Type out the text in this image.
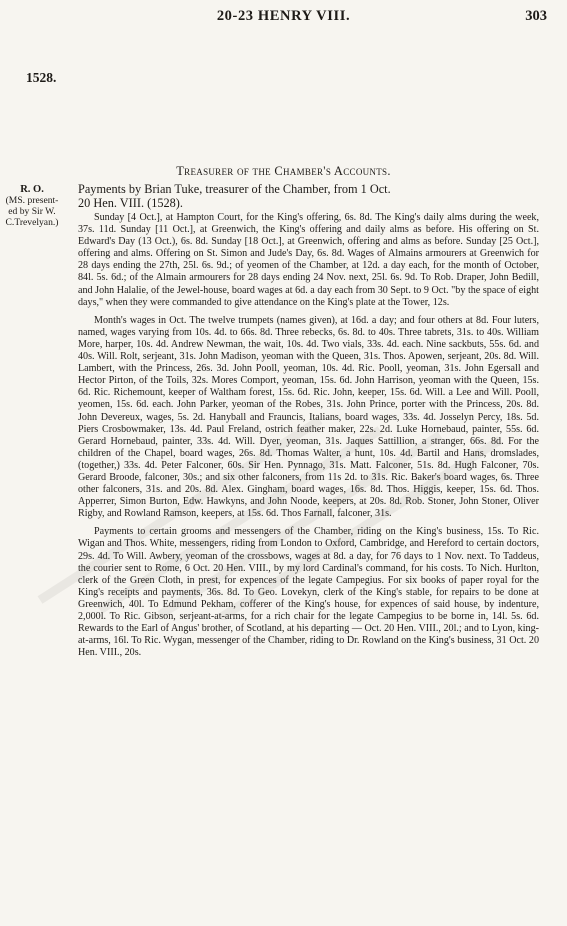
20-23 HENRY VIII.	303
1528.
Treasurer of the Chamber's Accounts.
R. O.
(MS. present-
ed by Sir W.
C.Trevelyan.)

Payments by Brian Tuke, treasurer of the Chamber, from 1 Oct.

20 Hen. VIII. (1528).

Sunday [4 Oct.], at Hampton Court, for the King's offering, 6s. 8d. The King's daily alms during the week, 37s. 11d. Sunday [11 Oct.], at Greenwich, the King's offering and daily alms as before. His offering on St. Edward's Day (13 Oct.), 6s. 8d. Sunday [18 Oct.], at Greenwich, offering and alms as before. Sunday [25 Oct.], offering and alms. Offering on St. Simon and Jude's Day, 6s. 8d. Wages of Almains armourers at Greenwich for 28 days ending the 27th, 25l. 6s. 9d.; of yeomen of the Chamber, at 12d. a day each, for the month of October, 84l. 5s. 6d.; of the Almain armourers for 28 days ending 24 Nov. next, 25l. 6s. 9d. To Rob. Draper, John Bedill, and John Halalie, of the Jewel-house, board wages at 6d. a day each from 30 Sept. to 9 Oct. "by the space of eight days," when they were commanded to give attendance on the King's plate at the Tower, 12s.

Month's wages in Oct. The twelve trumpets (names given), at 16d. a day; and four others at 8d. Four luters, named, wages varying from 10s. 4d. to 66s. 8d. Three rebecks, 6s. 8d. to 40s. Three tabrets, 31s. to 40s. William More, harper, 10s. 4d. Andrew Newman, the wait, 10s. 4d. Two vials, 33s. 4d. each. Nine sackbuts, 55s. 6d. and 40s. Will. Rolt, serjeant, 31s. John Madison, yeoman with the Queen, 31s. Thos. Apowen, serjeant, 20s. 8d. Will. Lambert, with the Princess, 26s. 3d. John Pooll, yeoman, 10s. 4d. Ric. Pooll, yeoman, 31s. John Egersall and Hector Pirton, of the Toils, 32s. Mores Comport, yeoman, 15s. 6d. John Harrison, yeoman with the Queen, 15s. 6d. Ric. Richemount, keeper of Waltham forest, 15s. 6d. Ric. John, keeper, 15s. 6d. Will. a Lee and Will. Pooll, yeomen, 15s. 6d. each. John Parker, yeoman of the Robes, 31s. John Prince, porter with the Princess, 20s. 8d. John Devereux, wages, 5s. 2d. Hanyball and Frauncis, Italians, board wages, 33s. 4d. Josselyn Percy, 18s. 5d. Piers Crosbowmaker, 13s. 4d. Paul Freland, ostrich feather maker, 22s. 2d. Luke Hornebaud, painter, 55s. 6d. Gerard Hornebaud, painter, 33s. 4d. Will. Dyer, yeoman, 31s. Jaques Sattillion, a stranger, 66s. 8d. For the children of the Chapel, board wages, 26s. 8d. Thomas Walter, a hunt, 10s. 4d. Bartil and Hans, dromslades, (together,) 33s. 4d. Peter Falconer, 60s. Sir Hen. Pynnago, 31s. Matt. Falconer, 51s. 8d. Hugh Falconer, 70s. Gerard Broode, falconer, 30s.; and six other falconers, from 11s 2d. to 31s. Ric. Baker's board wages, 6s. Three other falconers, 31s. and 20s. 8d. Alex. Gingham, board wages, 16s. 8d. Thos. Higgis, keeper, 15s. 6d. Thos. Apperrer, Simon Burton, Edw. Hawkyns, and John Noode, keepers, at 20s. 8d. Rob. Stoner, John Stoner, Oliver Rigby, and Rowland Ramson, keepers, at 15s. 6d. Thos Farnall, falconer, 31s.

Payments to certain grooms and messengers of the Chamber, riding on the King's business, 15s. To Ric. Wigan and Thos. White, messengers, riding from London to Oxford, Cambridge, and Hereford to certain doctors, 29s. 4d. To Will. Awbery, yeoman of the crossbows, wages at 8d. a day, for 76 days to 1 Nov. next. To Taddeus, the courier sent to Rome, 6 Oct. 20 Hen. VIII., by my lord Cardinal's command, for his costs. To Nich. Hurlton, clerk of the Green Cloth, in prest, for expences of the legate Campegius. For six books of paper royal for the King's receipts and payments, 36s. 8d. To Geo. Lovekyn, clerk of the King's stable, for repairs to be done at Greenwich, 40l. To Edmund Pekham, cofferer of the King's house, for expences of said house, by indenture, 2,000l. To Ric. Gibson, serjeant-at-arms, for a rich chair for the legate Campegius to be borne in, 14l. 5s. 6d. Rewards to the Earl of Angus' brother, of Scotland, at his departing — Oct. 20 Hen. VIII., 20l.; and to Lyon, king-at-arms, 16l. To Ric. Wygan, messenger of the Chamber, riding to Dr. Rowland on the King's business, 31 Oct. 20 Hen. VIII., 20s.
